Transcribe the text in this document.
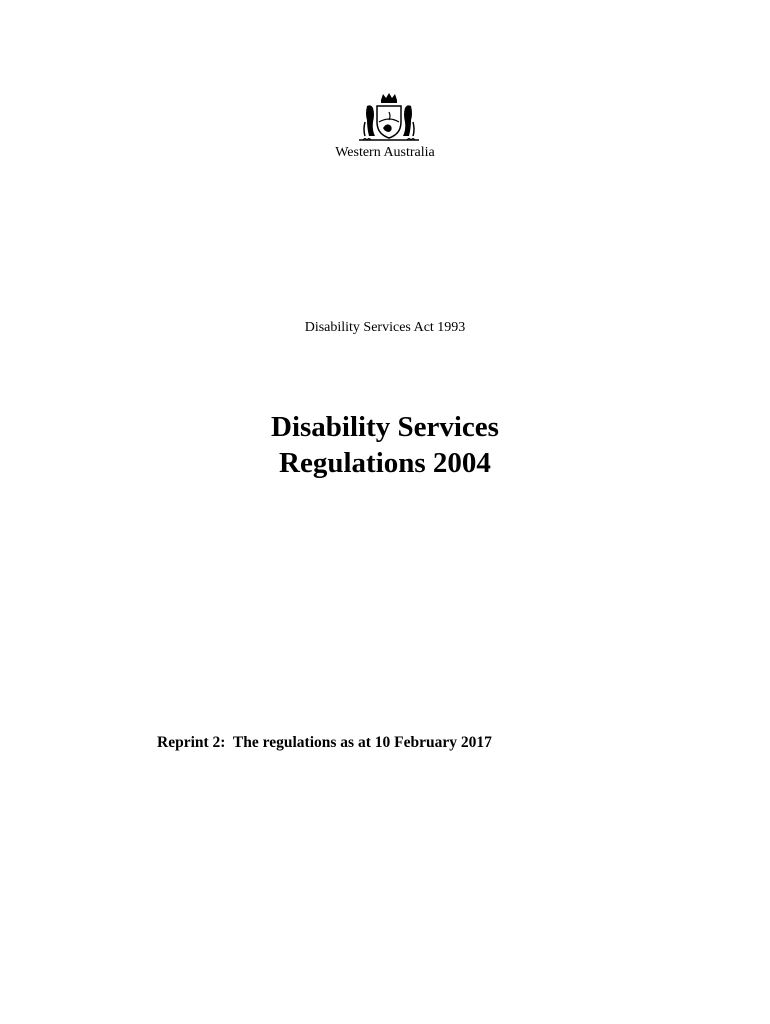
Western Australia
Disability Services Act 1993
Disability Services
Regulations 2004
Reprint 2:  The regulations as at 10 February 2017
